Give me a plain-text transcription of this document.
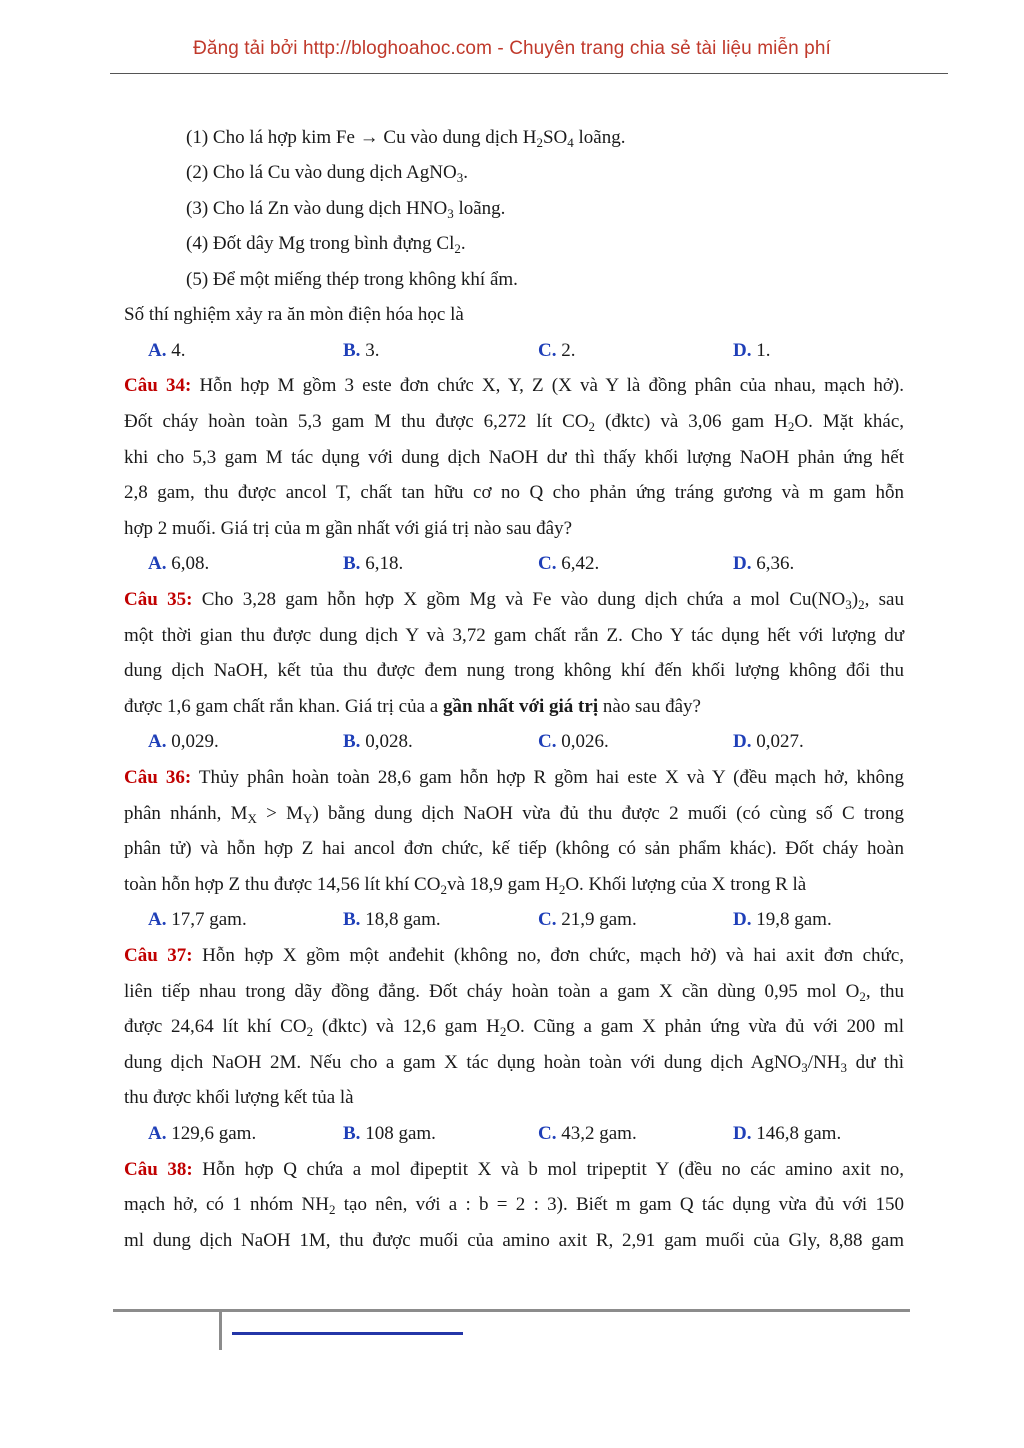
Đăng tải bởi http://bloghoahoc.com - Chuyên trang chia sẻ tài liệu miễn phí
(1) Cho lá hợp kim Fe → Cu vào dung dịch $H_2SO_4$ loãng.
(2) Cho lá Cu vào dung dịch AgNO$_3$.
(3) Cho lá Zn vào dung dịch $HNO_3$ loãng.
(4) Đốt dây Mg trong bình đựng $Cl_2$.
(5) Để một miếng thép trong không khí ẩm.
Số thí nghiệm xảy ra ăn mòn điện hóa học là
A. 4.	B. 3.	C. 2.	D. 1.
Câu 34: Hỗn hợp M gồm 3 este đơn chức X, Y, Z (X và Y là đồng phân của nhau, mạch hở).
Đốt cháy hoàn toàn 5,3 gam M thu được 6,272 lít $CO_2$ (đktc) và 3,06 gam $H_2O$. Mặt khác,
khi cho 5,3 gam M tác dụng với dung dịch NaOH dư thì thấy khối lượng NaOH phản ứng hết
2,8 gam, thu được ancol T, chất tan hữu cơ no Q cho phản ứng tráng gương và m gam hỗn
hợp 2 muối. Giá trị của m gần nhất với giá trị nào sau đây?
A. 6,08.	B. 6,18.	C. 6,42.	D. 6,36.
Câu 35: Cho 3,28 gam hỗn hợp X gồm Mg và Fe vào dung dịch chứa a mol $Cu(NO_3)_2$, sau
một thời gian thu được dung dịch Y và 3,72 gam chất rắn Z. Cho Y tác dụng hết với lượng dư
dung dịch NaOH, kết tủa thu được đem nung trong không khí đến khối lượng không đổi thu
được 1,6 gam chất rắn khan. Giá trị của a gần nhất với giá trị nào sau đây?
A. 0,029.	B. 0,028.	C. 0,026.	D. 0,027.
Câu 36: Thủy phân hoàn toàn 28,6 gam hỗn hợp R gồm hai este X và Y (đều mạch hở, không
phân nhánh, $M_X > M_Y$) bằng dung dịch NaOH vừa đủ thu được 2 muối (có cùng số C trong
phân tử) và hỗn hợp Z hai ancol đơn chức, kế tiếp (không có sản phẩm khác). Đốt cháy hoàn
toàn hỗn hợp Z thu được 14,56 lít khí $CO_2và$ 18,9 gam $H_2O$. Khối lượng của X trong R là
A. 17,7 gam.	B. 18,8 gam.	C. 21,9 gam.	D. 19,8 gam.
Câu 37: Hỗn hợp X gồm một anđehit (không no, đơn chức, mạch hở) và hai axit đơn chức,
liên tiếp nhau trong dãy đồng đẳng. Đốt cháy hoàn toàn a gam X cần dùng 0,95 mol $O_2$, thu
được 24,64 lít khí $CO_2$ (đktc) và 12,6 gam $H_2O$. Cũng a gam X phản ứng vừa đủ với 200 ml
dung dịch NaOH 2M. Nếu cho a gam X tác dụng hoàn toàn với dung dịch $AgNO_3/NH_3$ dư thì
thu được khối lượng kết tủa là
A. 129,6 gam.	B. 108 gam.	C. 43,2 gam.	D. 146,8 gam.
Câu 38: Hỗn hợp Q chứa a mol đipeptit X và b mol tripeptit Y (đều no các amino axit no,
mạch hở, có 1 nhóm $NH_2$ tạo nên, với a : b = 2 : 3). Biết m gam Q tác dụng vừa đủ với 150
ml dung dịch NaOH 1M, thu được muối của amino axit R, 2,91 gam muối của Gly, 8,88 gam
